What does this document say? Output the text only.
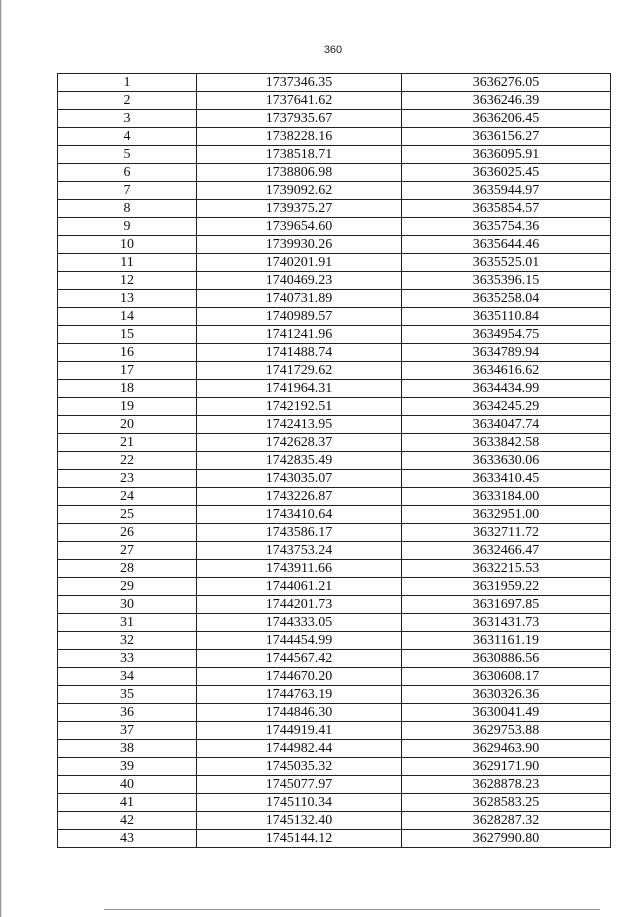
360
1	1737346.35	3636276.05
2	1737641.62	3636246.39
3	1737935.67	3636206.45
4	1738228.16	3636156.27
5	1738518.71	3636095.91
6	1738806.98	3636025.45
7	1739092.62	3635944.97
8	1739375.27	3635854.57
9	1739654.60	3635754.36
10	1739930.26	3635644.46
11	1740201.91	3635525.01
12	1740469.23	3635396.15
13	1740731.89	3635258.04
14	1740989.57	3635110.84
15	1741241.96	3634954.75
16	1741488.74	3634789.94
17	1741729.62	3634616.62
18	1741964.31	3634434.99
19	1742192.51	3634245.29
20	1742413.95	3634047.74
21	1742628.37	3633842.58
22	1742835.49	3633630.06
23	1743035.07	3633410.45
24	1743226.87	3633184.00
25	1743410.64	3632951.00
26	1743586.17	3632711.72
27	1743753.24	3632466.47
28	1743911.66	3632215.53
29	1744061.21	3631959.22
30	1744201.73	3631697.85
31	1744333.05	3631431.73
32	1744454.99	3631161.19
33	1744567.42	3630886.56
34	1744670.20	3630608.17
35	1744763.19	3630326.36
36	1744846.30	3630041.49
37	1744919.41	3629753.88
38	1744982.44	3629463.90
39	1745035.32	3629171.90
40	1745077.97	3628878.23
41	1745110.34	3628583.25
42	1745132.40	3628287.32
43	1745144.12	3627990.80
